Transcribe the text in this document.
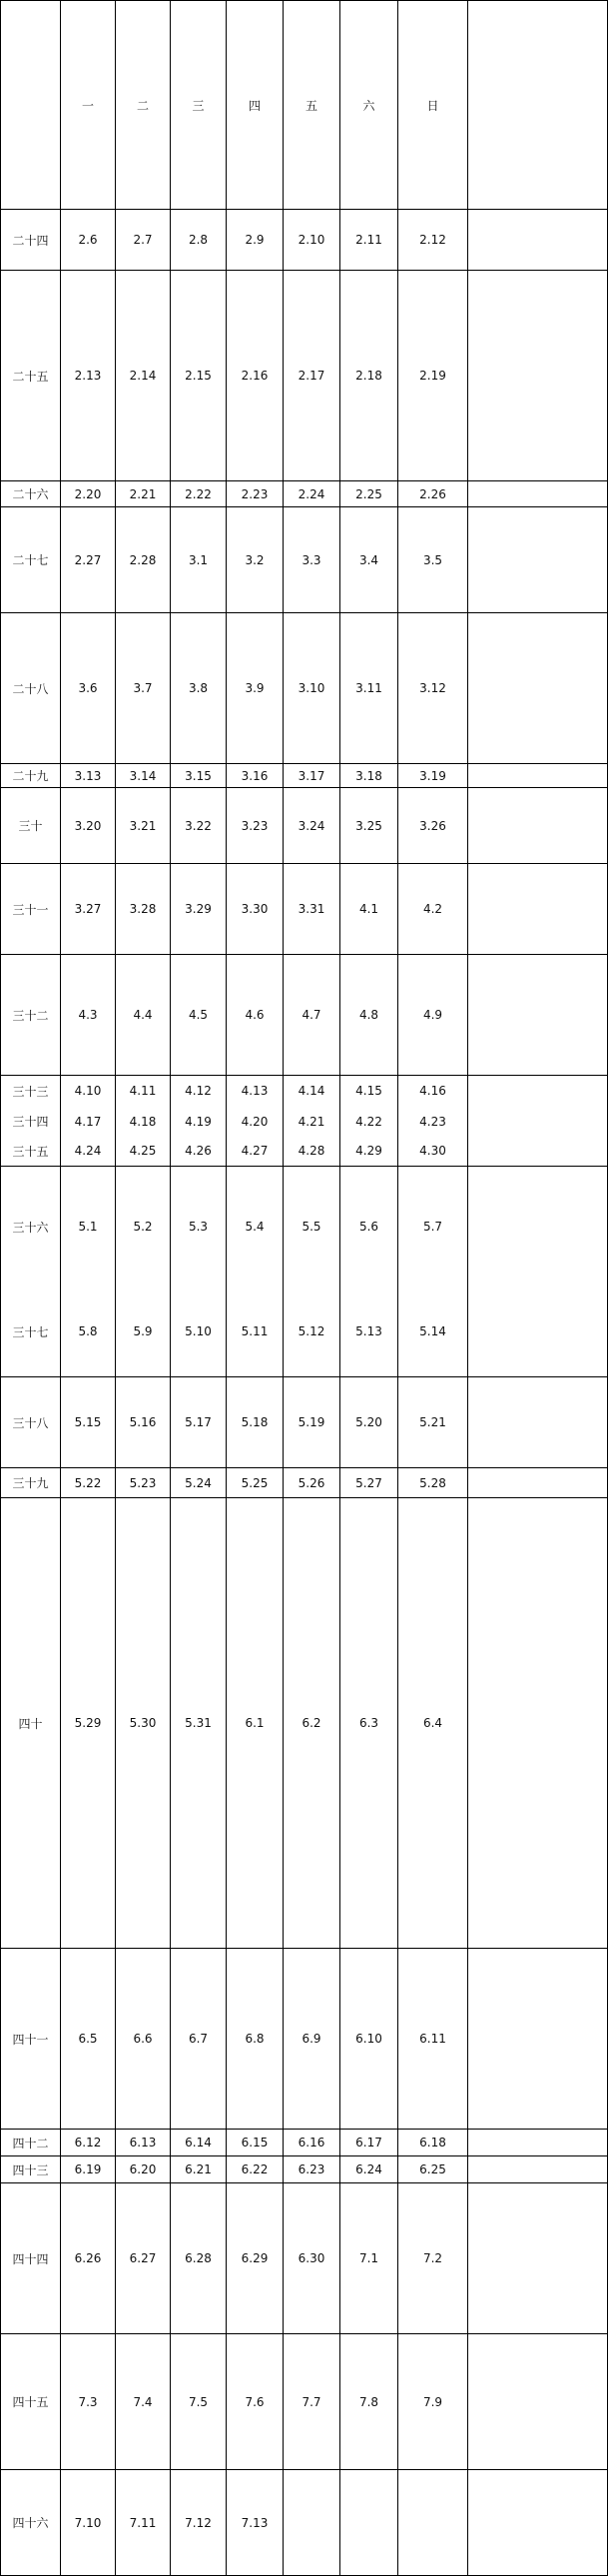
	一	二	三	四	五	六	日		
二十四	2.6	2.7	2.8	2.9	2.10	2.11	2.12		
二十五	2.13	2.14	2.15	2.16	2.17	2.18	2.19		
二十六	2.20	2.21	2.22	2.23	2.24	2.25	2.26		
二十七	2.27	2.28	3.1	3.2	3.3	3.4	3.5		
二十八	3.6	3.7	3.8	3.9	3.10	3.11	3.12		
二十九	3.13	3.14	3.15	3.16	3.17	3.18	3.19		
三十	3.20	3.21	3.22	3.23	3.24	3.25	3.26		
三十一	3.27	3.28	3.29	3.30	3.31	4.1	4.2		
三十二	4.3	4.4	4.5	4.6	4.7	4.8	4.9		
三十三	4.10	4.11	4.12	4.13	4.14	4.15	4.16		
三十四	4.17	4.18	4.19	4.20	4.21	4.22	4.23		
三十五	4.24	4.25	4.26	4.27	4.28	4.29	4.30		
三十六	5.1	5.2	5.3	5.4	5.5	5.6	5.7		
三十七	5.8	5.9	5.10	5.11	5.12	5.13	5.14		
三十八	5.15	5.16	5.17	5.18	5.19	5.20	5.21		
三十九	5.22	5.23	5.24	5.25	5.26	5.27	5.28		
四十	5.29	5.30	5.31	6.1	6.2	6.3	6.4		
四十一	6.5	6.6	6.7	6.8	6.9	6.10	6.11		
四十二	6.12	6.13	6.14	6.15	6.16	6.17	6.18		
四十三	6.19	6.20	6.21	6.22	6.23	6.24	6.25		
四十四	6.26	6.27	6.28	6.29	6.30	7.1	7.2		
四十五	7.3	7.4	7.5	7.6	7.7	7.8	7.9		
四十六	7.10	7.11	7.12	7.13					
